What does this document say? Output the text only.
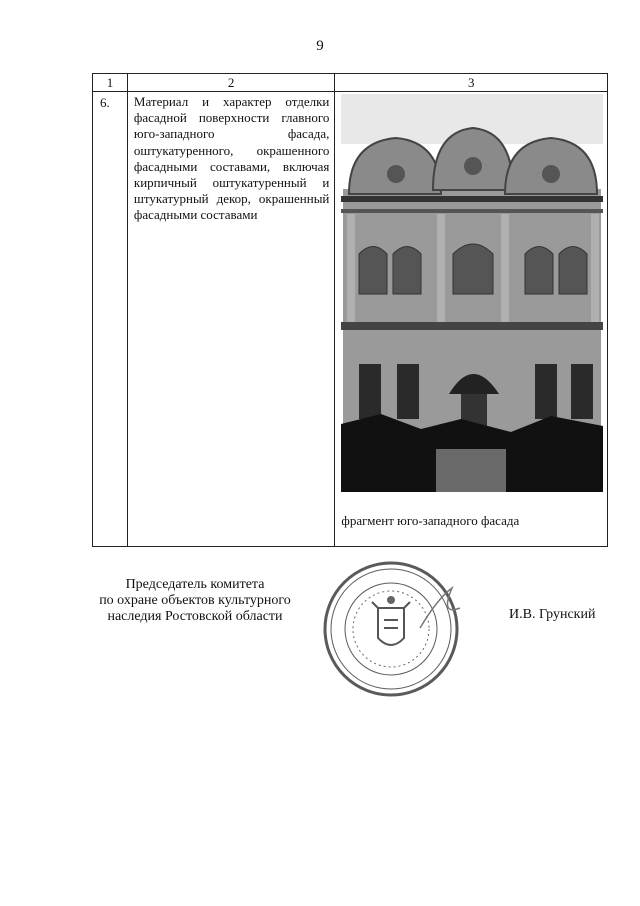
9
1	2	3
6.	Материал и характер отделки фасадной поверхности главного юго-западного фасада, оштукатуренного, окрашенного фасадными составами, включая кирпичный оштукатуренный и штукатурный декор, окрашенный фасадными составами	фрагмент юго-западного фасада
Председатель комитета
по охране объектов культурного
наследия Ростовской области	И.В. Грунский
